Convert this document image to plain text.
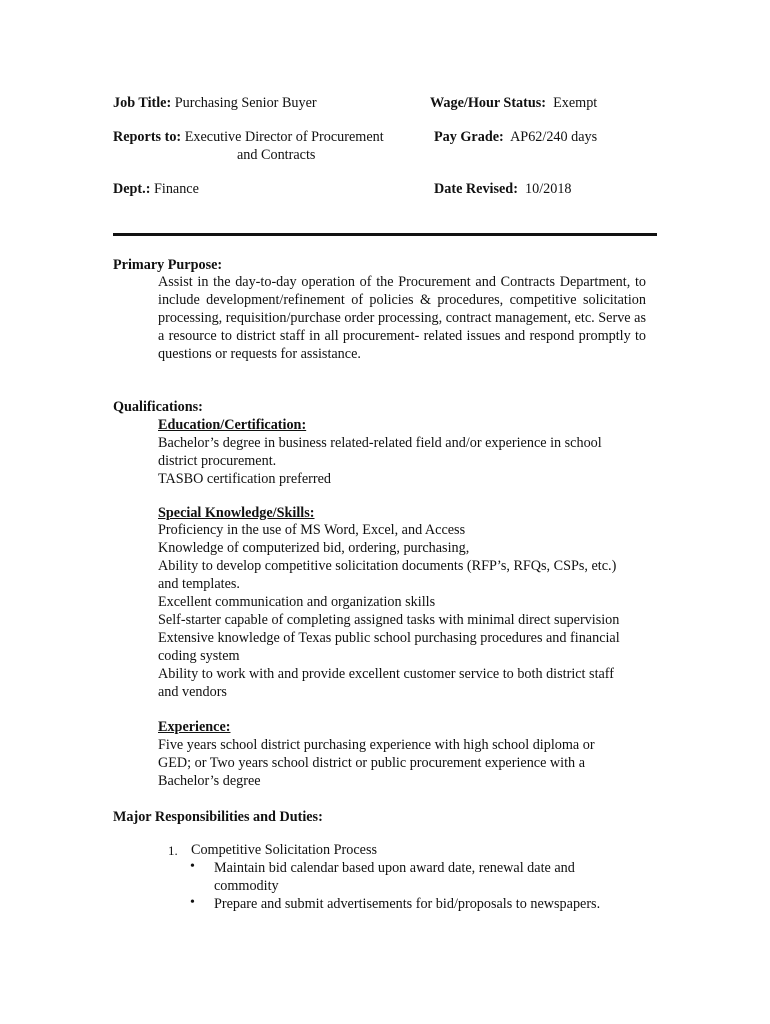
Job Title: Purchasing Senior Buyer	Wage/Hour Status: Exempt
Reports to: Executive Director of Procurement
and Contracts
Pay Grade: AP62/240 days
Dept.: Finance	Date Revised: 10/2018
Primary Purpose:
Assist in the day-to-day operation of the Procurement and Contracts Department, to include development/refinement of policies & procedures, competitive solicitation processing, requisition/purchase order processing, contract management, etc. Serve as a resource to district staff in all procurement- related issues and respond promptly to questions or requests for assistance.
Qualifications:
Education/Certification:
Bachelor’s degree in business related-related field and/or experience in school
district procurement.
TASBO certification preferred
Special Knowledge/Skills:
Proficiency in the use of MS Word, Excel, and Access
Knowledge of computerized bid, ordering, purchasing,
Ability to develop competitive solicitation documents (RFP’s, RFQs, CSPs, etc.)
and templates.
Excellent communication and organization skills
Self-starter capable of completing assigned tasks with minimal direct supervision
Extensive knowledge of Texas public school purchasing procedures and financial
coding system
Ability to work with and provide excellent customer service to both district staff
and vendors
Experience:
Five years school district purchasing experience with high school diploma or
GED; or Two years school district or public procurement experience with a
Bachelor’s degree
Major Responsibilities and Duties:
1. Competitive Solicitation Process
• Maintain bid calendar based upon award date, renewal date and
commodity
• Prepare and submit advertisements for bid/proposals to newspapers.
